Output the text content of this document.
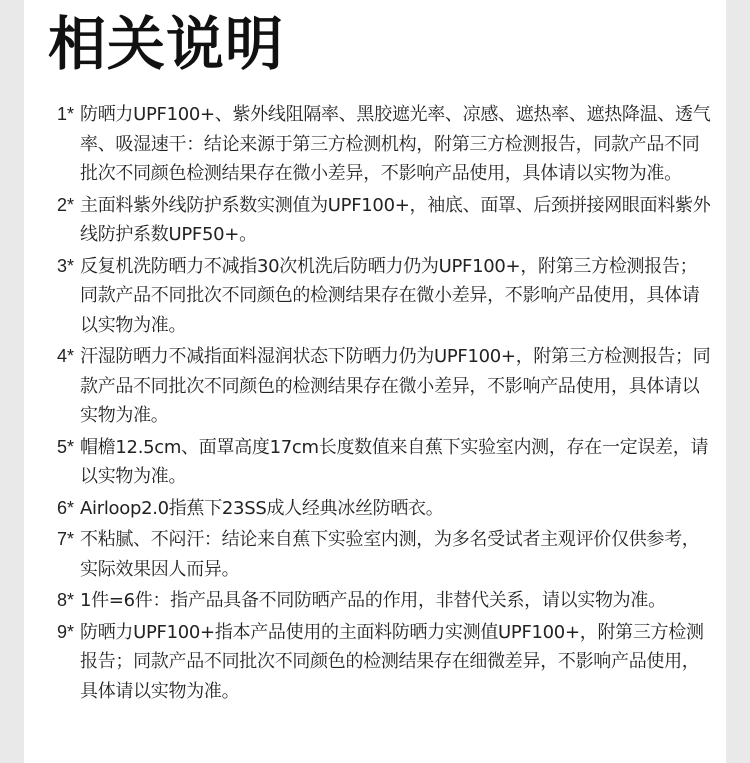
相关说明
1* 防晒力UPF100+、紫外线阻隔率、黑胶遮光率、凉感、遮热率、遮热降温、透气率、吸湿速干：结论来源于第三方检测机构，附第三方检测报告，同款产品不同批次不同颜色检测结果存在微小差异，不影响产品使用，具体请以实物为准。
2* 主面料紫外线防护系数实测值为UPF100+，袖底、面罩、后颈拼接网眼面料紫外线防护系数UPF50+。
3* 反复机洗防晒力不减指30次机洗后防晒力仍为UPF100+，附第三方检测报告；同款产品不同批次不同颜色的检测结果存在微小差异，不影响产品使用，具体请以实物为准。
4* 汗湿防晒力不减指面料湿润状态下防晒力仍为UPF100+，附第三方检测报告；同款产品不同批次不同颜色的检测结果存在微小差异，不影响产品使用，具体请以实物为准。
5* 帽檐12.5cm、面罩高度17cm长度数值来自蕉下实验室内测，存在一定误差，请以实物为准。
6* Airloop2.0指蕉下23SS成人经典冰丝防晒衣。
7* 不粘腻、不闷汗：结论来自蕉下实验室内测，为多名受试者主观评价仅供参考，实际效果因人而异。
8* 1件=6件：指产品具备不同防晒产品的作用，非替代关系，请以实物为准。
9* 防晒力UPF100+指本产品使用的主面料防晒力实测值UPF100+，附第三方检测报告；同款产品不同批次不同颜色的检测结果存在细微差异，不影响产品使用，具体请以实物为准。
